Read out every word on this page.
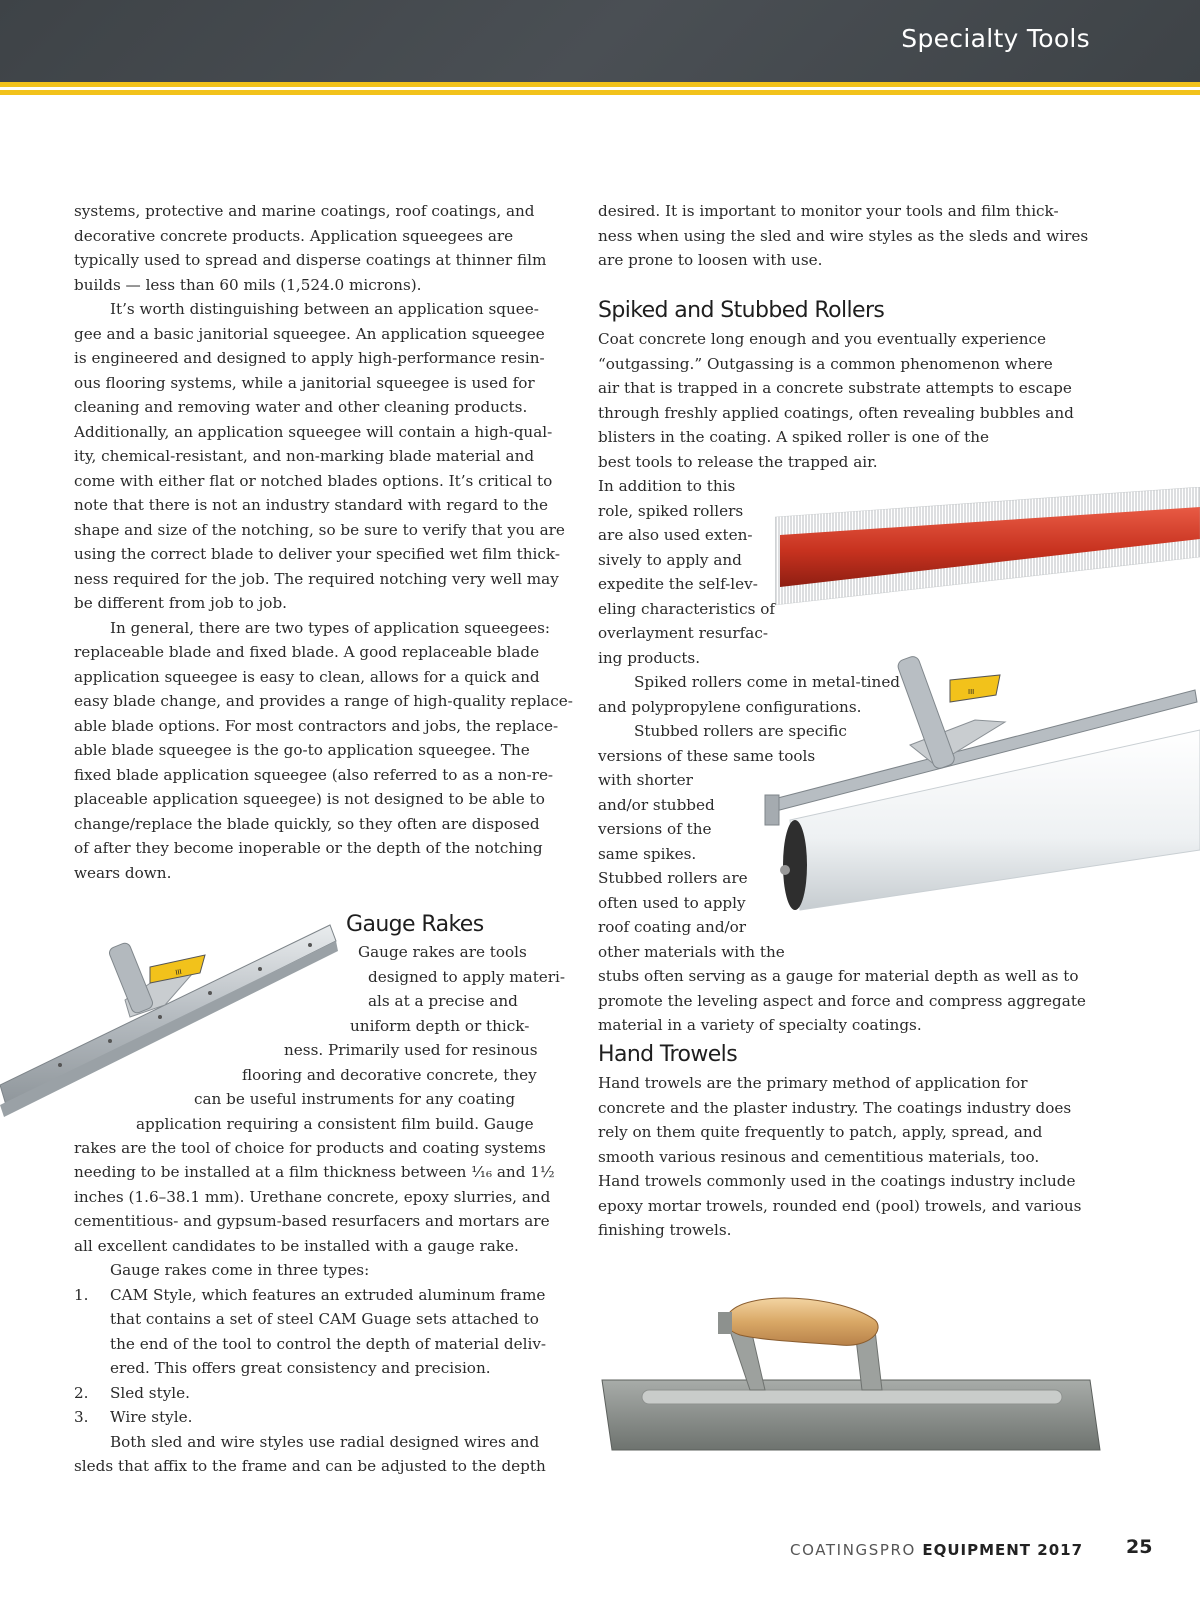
Specialty Tools
systems, protective and marine coatings, roof coatings, and
decorative concrete products. Application squeegees are
typically used to spread and disperse coatings at thinner film
builds — less than 60 mils (1,524.0 microns).
It’s worth distinguishing between an application squee-
gee and a basic janitorial squeegee. An application squeegee
is engineered and designed to apply high-performance resin-
ous flooring systems, while a janitorial squeegee is used for
cleaning and removing water and other cleaning products.
Additionally, an application squeegee will contain a high-qual-
ity, chemical-resistant, and non-marking blade material and
come with either flat or notched blades options. It’s critical to
note that there is not an industry standard with regard to the
shape and size of the notching, so be sure to verify that you are
using the correct blade to deliver your specified wet film thick-
ness required for the job. The required notching very well may
be different from job to job.
In general, there are two types of application squeegees:
replaceable blade and fixed blade. A good replaceable blade
application squeegee is easy to clean, allows for a quick and
easy blade change, and provides a range of high-quality replace-
able blade options. For most contractors and jobs, the replace-
able blade squeegee is the go-to application squeegee. The
fixed blade application squeegee (also referred to as a non-re-
placeable application squeegee) is not designed to be able to
change/replace the blade quickly, so they often are disposed
of after they become inoperable or the depth of the notching
wears down.
III
Gauge Rakes
Gauge rakes are tools
designed to apply materi-
als at a precise and
uniform depth or thick-
ness. Primarily used for resinous
flooring and decorative concrete, they
can be useful instruments for any coating
application requiring a consistent film build. Gauge
rakes are the tool of choice for products and coating systems
needing to be installed at a film thickness between ¹⁄₁₆ and 1½
inches (1.6–38.1 mm). Urethane concrete, epoxy slurries, and
cementitious- and gypsum-based resurfacers and mortars are
all excellent candidates to be installed with a gauge rake.

Gauge rakes come in three types:

1. CAM Style, which features an extruded aluminum frame
that contains a set of steel CAM Guage sets attached to
the end of the tool to control the depth of material deliv-
ered. This offers great consistency and precision.
2. Sled style.
3. Wire style.
Both sled and wire styles use radial designed wires and
sleds that affix to the frame and can be adjusted to the depth
desired. It is important to monitor your tools and film thick-
ness when using the sled and wire styles as the sleds and wires
are prone to loosen with use.
Spiked and Stubbed Rollers
Coat concrete long enough and you eventually experience
“outgassing.” Outgassing is a common phenomenon where
air that is trapped in a concrete substrate attempts to escape
through freshly applied coatings, often revealing bubbles and
blisters in the coating. A spiked roller is one of the
best tools to release the trapped air.
In addition to this
role, spiked rollers
are also used exten-
sively to apply and
expedite the self-lev-
eling characteristics of
overlayment resurfac-
ing products.
Spiked rollers come in metal-tined
and polypropylene configurations.
Stubbed rollers are specific
versions of these same tools
with shorter
and/or stubbed
versions of the
same spikes.
Stubbed rollers are
often used to apply
roof coating and/or
other materials with the
stubs often serving as a gauge for material depth as well as to
promote the leveling aspect and force and compress aggregate
material in a variety of specialty coatings.
III
Hand Trowels
Hand trowels are the primary method of application for
concrete and the plaster industry. The coatings industry does
rely on them quite frequently to patch, apply, spread, and
smooth various resinous and cementitious materials, too.
Hand trowels commonly used in the coatings industry include
epoxy mortar trowels, rounded end (pool) trowels, and various
finishing trowels.
COATINGSPRO EQUIPMENT 2017 25
